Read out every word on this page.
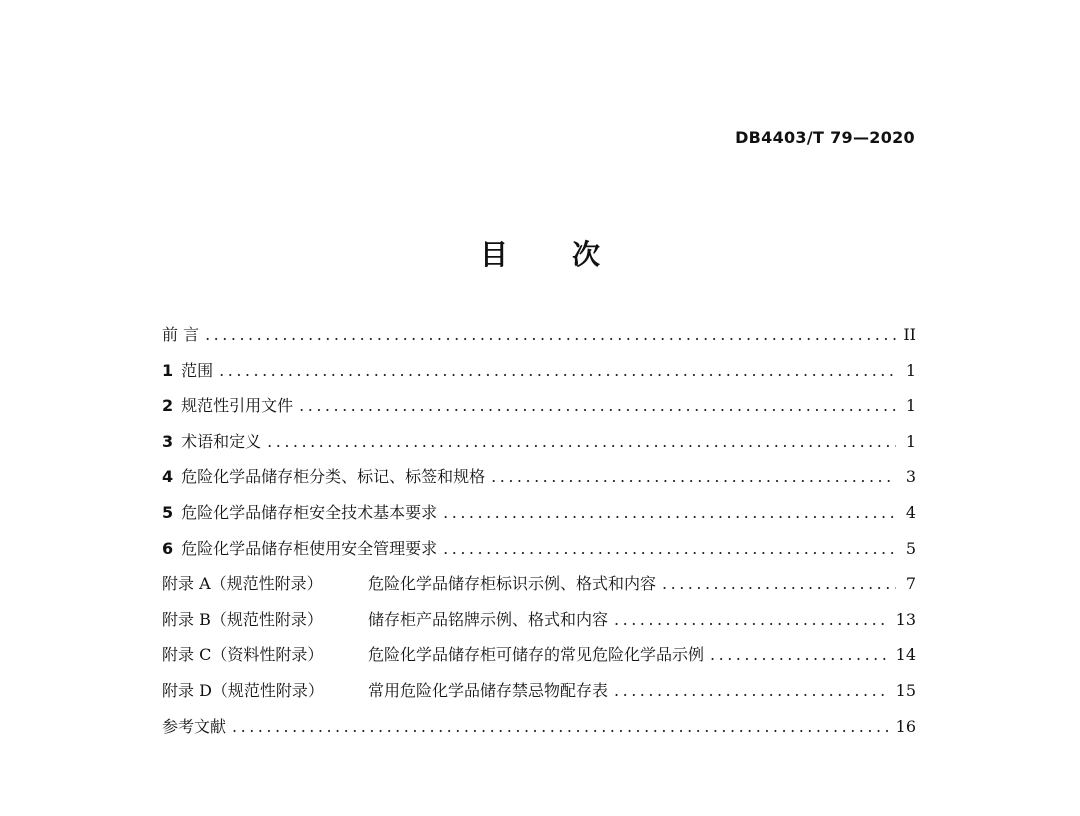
DB4403/T 79—2020
目次
前 言 .....	II
1 范围 .....	1
2 规范性引用文件 .....	1
3 术语和定义 .....	1
4 危险化学品储存柜分类、标记、标签和规格 .....	3
5 危险化学品储存柜安全技术基本要求 .....	4
6 危险化学品储存柜使用安全管理要求 .....	5
附录 A（规范性附录）	危险化学品储存柜标识示例、格式和内容 .....	7
附录 B（规范性附录）	储存柜产品铭牌示例、格式和内容 .....	13
附录 C（资料性附录）	危险化学品储存柜可储存的常见危险化学品示例 .....	14
附录 D（规范性附录）	常用危险化学品储存禁忌物配存表 .....	15
参考文献 .....	16
